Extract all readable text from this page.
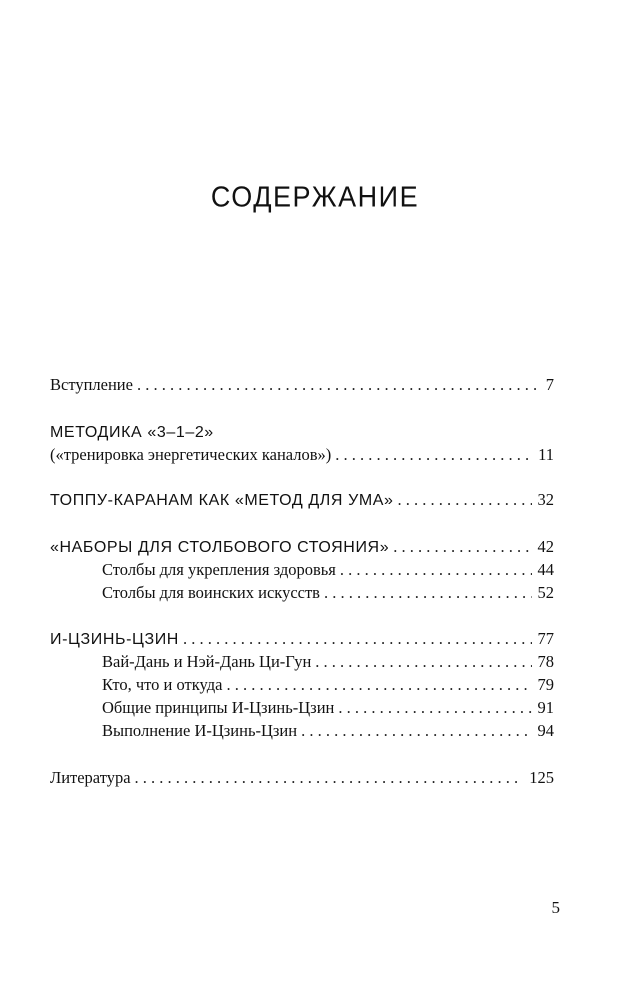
СОДЕРЖАНИЕ
Вступление . . .	7
МЕТОДИКА «3–1–2»
(«тренировка энергетических каналов») . . .	11
ТОППУ-КАРАНАМ КАК «МЕТОД ДЛЯ УМА» . . .	32
«НАБОРЫ ДЛЯ СТОЛБОВОГО СТОЯНИЯ» . . .	42
Столбы для укрепления здоровья . . .	44
Столбы для воинских искусств . . .	52
И-ЦЗИНЬ-ЦЗИН . . .	77
Вай-Дань и Нэй-Дань Ци-Гун . . .	78
Кто, что и откуда . . .	79
Общие принципы И-Цзинь-Цзин . . .	91
Выполнение И-Цзинь-Цзин . . .	94
Литература . . .	125
5
